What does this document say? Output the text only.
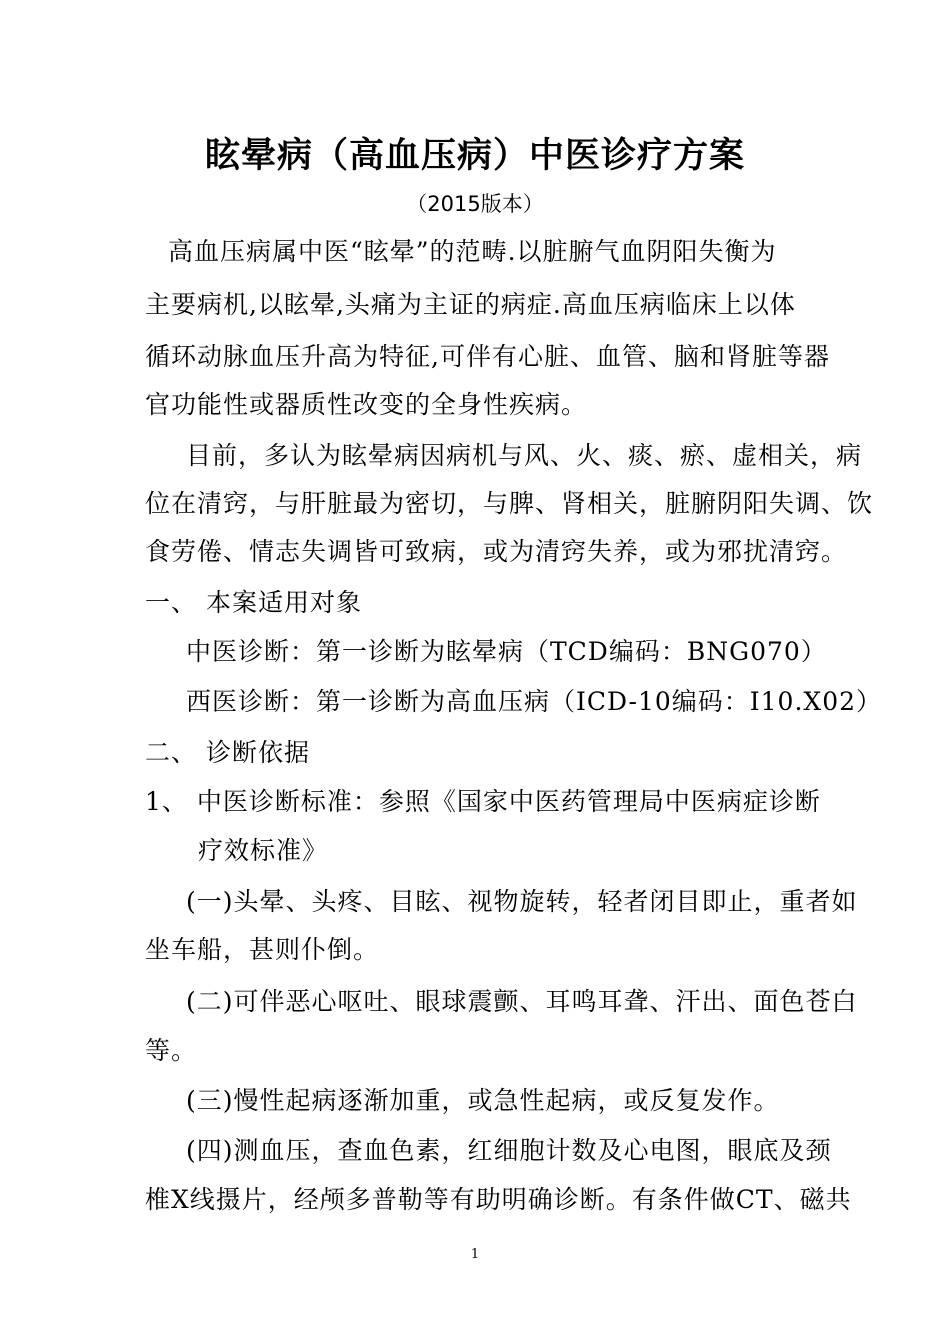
眩晕病（高血压病）中医诊疗方案
（2015版本）
高血压病属中医“眩晕”的范畴.以脏腑气血阴阳失衡为
主要病机,以眩晕,头痛为主证的病症.高血压病临床上以体
循环动脉血压升高为特征,可伴有心脏、血管、脑和肾脏等器
官功能性或器质性改变的全身性疾病。
目前，多认为眩晕病因病机与风、火、痰、瘀、虚相关，病
位在清窍，与肝脏最为密切，与脾、肾相关，脏腑阴阳失调、饮
食劳倦、情志失调皆可致病，或为清窍失养，或为邪扰清窍。
一、 本案适用对象
中医诊断：第一诊断为眩晕病（TCD编码：BNG070）
西医诊断：第一诊断为高血压病（ICD-10编码：I10.X02）
二、 诊断依据
1、 中医诊断标准：参照《国家中医药管理局中医病症诊断
疗效标准》
(一)头晕、头疼、目眩、视物旋转，轻者闭目即止，重者如
坐车船，甚则仆倒。
(二)可伴恶心呕吐、眼球震颤、耳鸣耳聋、汗出、面色苍白
等。
(三)慢性起病逐渐加重，或急性起病，或反复发作。
(四)测血压，查血色素，红细胞计数及心电图，眼底及颈
椎X线摄片，经颅多普勒等有助明确诊断。有条件做CT、磁共
1
